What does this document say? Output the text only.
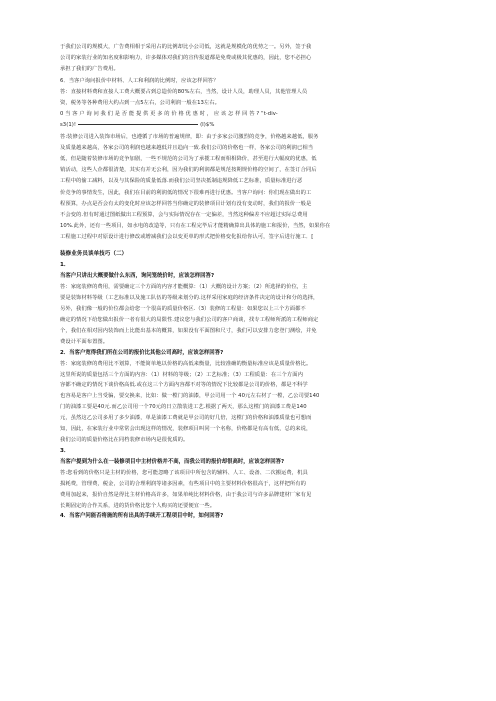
于我们公司的规模大，广告费相相于采用占的比例却比小公司低，这就是规模化的优势之一。另外，签于我

公司的家装行业的知名度和影响力，许多媒体对我们的宣传报道都是免费或极其优惠的，因此，您不必担心

承担了我们的广告费用。

6．当客户询问报价中材料、人工和利润的比例时，应该怎样回答？

答：直接材料费和直接人工费大概要占到总造价的80%左右，当然，设计人员，助理人员，其他管理人员

资，税务等各种费用大约占到一点5左右，公司利润一般在13左右。

0 当 客 户 询 问 我 们 是 否 能 提 供 更 多 的 价 格 优 惠 时 ， 应 该 怎 样 回 答 ? “t-div-

s3(1)!	(I)$%

答:装修公司进入装饰市场后，也遵循了市场的普遍规律，即：由于多家公司激烈的竞争，价格越来越低，服务

及质量越来越高，各家公司的利润也越来越低并且趋向一致.我们公司的价格也一样，各家公司的利润已相当

低，但是随着装修市场的竞争加剧，一些不规范的公司为了承揽工程而相相降价，甚至进行大幅度的优惠，低

销活动，这些人企都很清楚，其实有并无公利，因为我们的利润都是规范按期规价格的空间了，在签订合同后

工程中的偷工减料，以及与其保险的质量低落.而我们公司坚决抵制违规降低工艺标准，质量标准进行恶

价竞争的事情发生，因此，我们在目前的利润低的情况下很难再进行优惠。当客户询问：你们现在做出的工

程预算，办点是否会有太的变化时应该怎样回答当你确定的装修项目计划有没有变动时，我们的报价一般是

不会变的.但有时通过图纸做出工程预算，会与实际情况存在一定偏差，当然这种偏差不应超过实际总费用

10%.此外，还有一些项目，如水电的改造等，只有在工程完毕后才能精确算出具体的施工和报价，当然，如果你在

工程施工过程中对原设计进行修改或增减我们会以变更单的形式把价格变化报给你认可，签字后进行施工．[

装修业务员谈单技巧（二）

1．

当客户只讲出大概要做什么东西，询问笼统价时，应该怎样回答?

答：家庭装修的费用，需要确定三个方面的内容才能概算：（1）大概的设计方案；（2）所选择的价位，主

要是装饰材料等级（工艺标准以及施工队伍的等级来划分的.这样采用家庭的经济条件决定的设计和分的选择，

另外，我们像一般的价位都会给您一个很高的质量价格区.（3）装修的工程量：如果您以上三个方面都不

确定的情况下给您做出报价一者有很大的局限性.建议您与我们公司的客户商谈，找专工程师所派的工程师商定

个，我们在相对因内装饰而上比能出基本的概算，如果没有平面图和尺寸，我们可以安排力您登门测绘，并免

费设计平面布置图。

2．当客户宽得我们所在公司的报价比其他公司高时，应该怎样回答?

答：家庭装修的费用比不划算，不能简单地以价格的高低来衡量，比较准确的衡量标准应该是质量价格比。

这里所说的质量包括三个方面的内容：（1）材料的等级；（2）工艺标准；（3）工程质量：在三个方面内

容都不确定的情况下谈价格高低.或在这三个方面内容都不对等的情况下比较都是公司的价格，都是不科学

也容易是客户上当受骗，要交换来，比如：做一樘门的油漆，甲公司用一个 40元左右材了一樘，乙公司要140

门的油漆工要是40元.而乙公司用一个70元的日立散装进工艺.根据了两天，那么这樘门的油漆工费是140

元，虽然这乙公司多用了多少油漆，单是油漆工费就是甲公司的好几倍，这樘门的价格和油漆质量也可想而

知，因此，在家装行业中常常会出现这样的情况，装修项目叫同一个名称，价格都是有高有低，总的来说，

我们公司的质量价格比在同档装修市场内是很优质的。

3．

当客户提到为什么在一装修项目中主材价格并不高，而我公司的报价却很高时，应该怎样回答?

答:您看到的价格只是主材的价格，您可能忽略了该项目中所包含的辅料、人工、设备、二次搬运费，机具

损耗费，管理费，税金，公司的合理利润等诸多因素，有些项目中的主要材料价格很高于，这样把所有的

费用加起来，报价自然是得比主材价格高许多，如果单纯比材料价格，由于我公司与许多品牌建材厂家有见

长期固定的合作关系，进的货价格比您个人购买的还要便宜一些。

4．当客户问能否将施的所有出具的手续开工程项目中时，如何回答?
